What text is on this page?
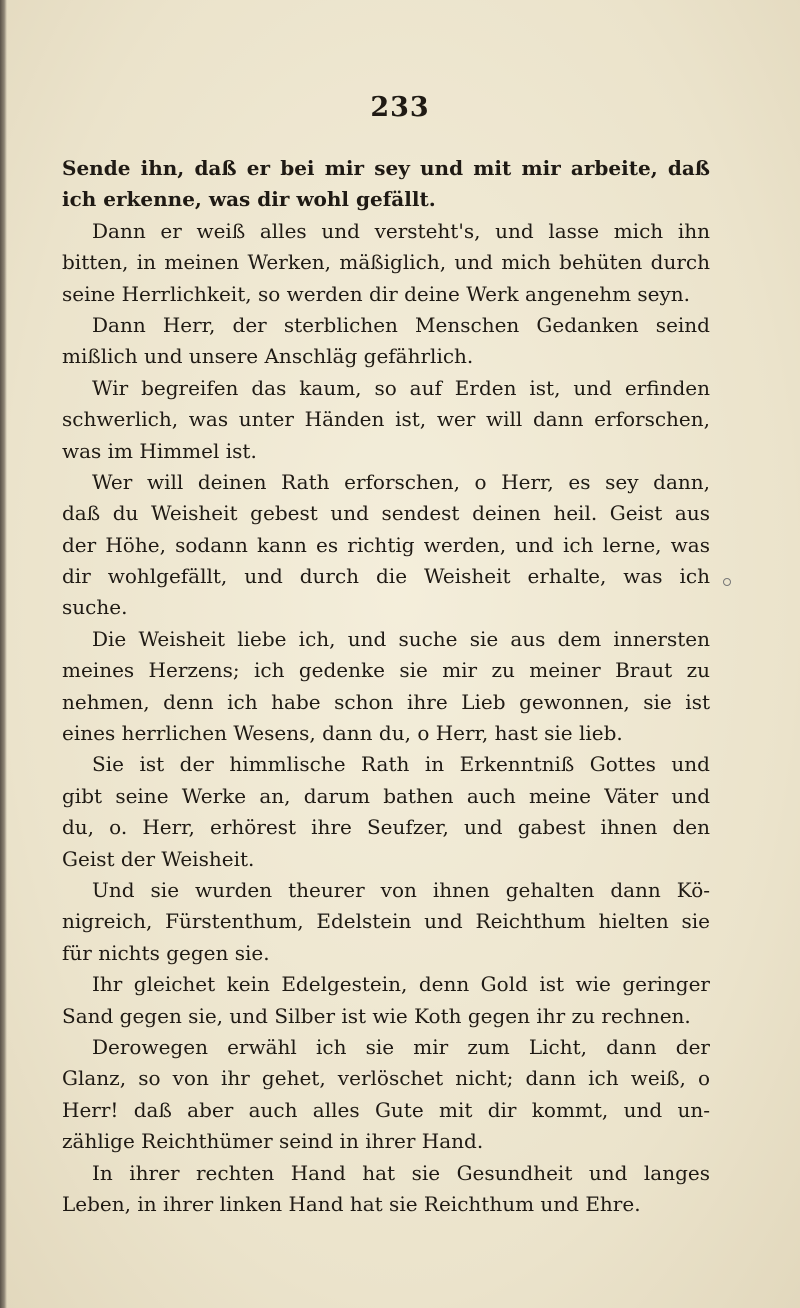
233
Sende ihn, daß er bei mir sey und mit mir arbeite, daß
ich erkenne, was dir wohl gefällt.
Dann er weiß alles und versteht's, und lasse mich ihn
bitten, in meinen Werken, mäßiglich, und mich behüten durch
seine Herrlichkeit, so werden dir deine Werk angenehm seyn.
Dann Herr, der sterblichen Menschen Gedanken seind
mißlich und unsere Anschläg gefährlich.
Wir begreifen das kaum, so auf Erden ist, und erfinden
schwerlich, was unter Händen ist, wer will dann erforschen,
was im Himmel ist.
Wer will deinen Rath erforschen, o Herr, es sey dann,
daß du Weisheit gebest und sendest deinen heil. Geist aus
der Höhe, sodann kann es richtig werden, und ich lerne, was
dir wohlgefällt, und durch die Weisheit erhalte, was ich
suche.
Die Weisheit liebe ich, und suche sie aus dem innersten
meines Herzens; ich gedenke sie mir zu meiner Braut zu
nehmen, denn ich habe schon ihre Lieb gewonnen, sie ist
eines herrlichen Wesens, dann du, o Herr, hast sie lieb.
Sie ist der himmlische Rath in Erkenntniß Gottes und
gibt seine Werke an, darum bathen auch meine Väter und
du, o. Herr, erhörest ihre Seufzer, und gabest ihnen den
Geist der Weisheit.
Und sie wurden theurer von ihnen gehalten dann Kö-
nigreich, Fürstenthum, Edelstein und Reichthum hielten sie
für nichts gegen sie.
Ihr gleichet kein Edelgestein, denn Gold ist wie geringer
Sand gegen sie, und Silber ist wie Koth gegen ihr zu rechnen.
Derowegen erwähl ich sie mir zum Licht, dann der
Glanz, so von ihr gehet, verlöschet nicht; dann ich weiß, o
Herr! daß aber auch alles Gute mit dir kommt, und un-
zählige Reichthümer seind in ihrer Hand.
In ihrer rechten Hand hat sie Gesundheit und langes
Leben, in ihrer linken Hand hat sie Reichthum und Ehre.
